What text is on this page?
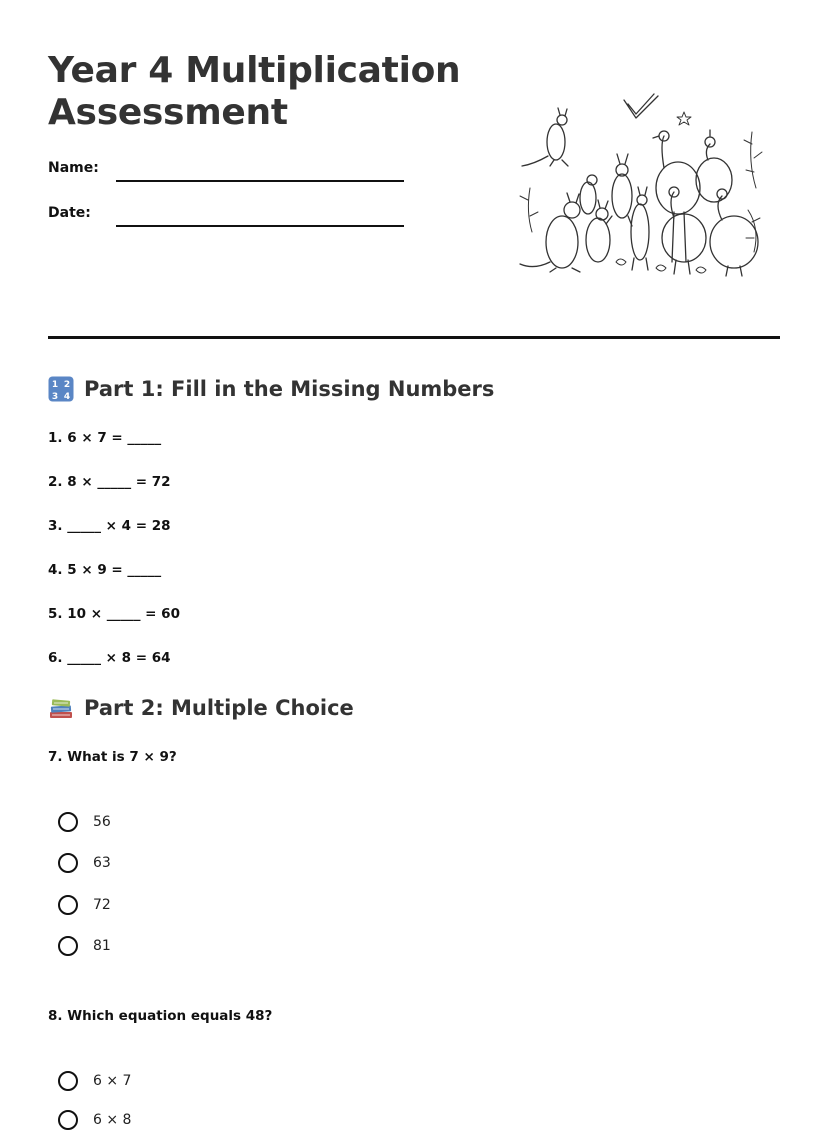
Year 4 Multiplication Assessment
Name:
Date:
1 2
3 4 Part 1: Fill in the Missing Numbers
1. 6 × 7 = _____
2. 8 × _____ = 72
3. _____ × 4 = 28
4. 5 × 9 = _____
5. 10 × _____ = 60
6. _____ × 8 = 64
Part 2: Multiple Choice
7. What is 7 × 9?
56
63
72
81
8. Which equation equals 48?
6 × 7
6 × 8
